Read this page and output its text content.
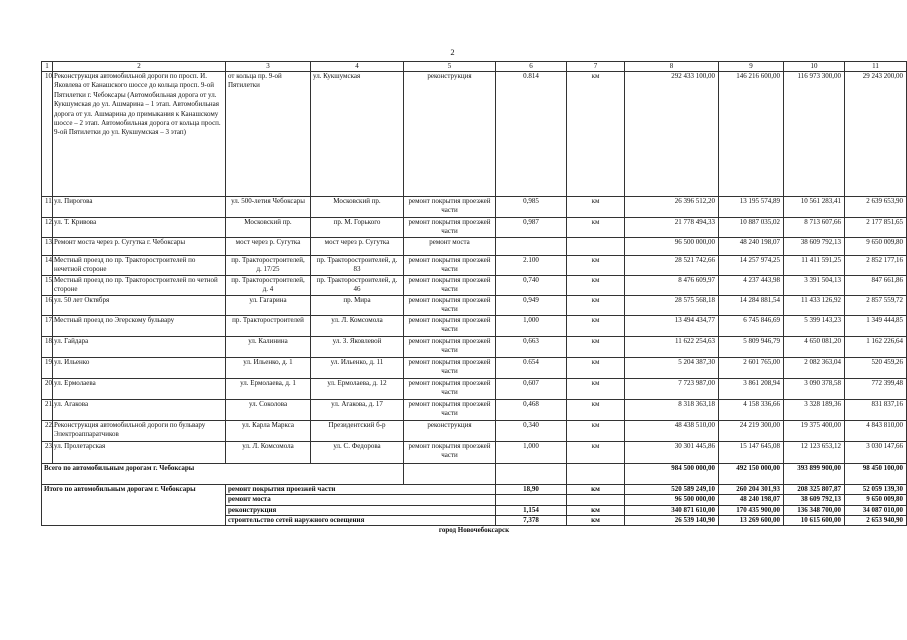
2
1	2	3	4	5	6	7	8	9	10	11
10.	Реконструкция автомобильной дороги по просп. И. Яковлева от Канашского шоссе до кольца просп. 9-ой Пятилетки г. Чебоксары (Автомобильная дорога от ул. Кукшумская до ул. Ашмарина – 1 этап. Автомобильная дорога от ул. Ашмарина до примыкания к Канашскому шоссе – 2 этап. Автомобильная дорога от кольца просп. 9-ой Пятилетки до ул. Кукшумская – 3 этап)	от кольца пр. 9-ой Пятилетки	ул. Кукшумская	реконструкция	0.814	км	292 433 100,00	146 216 600,00	116 973 300,00	29 243 200,00
11.	ул. Пирогова	ул. 500-летия Чебоксары	Московский пр.	ремонт покрытия проезжей части	0,985	км	26 396 512,20	13 195 574,89	10 561 283,41	2 639 653,90
12.	ул. Т. Кривова	Московский пр.	пр. М. Горького	ремонт покрытия проезжей части	0,987	км	21 778 494,33	10 887 035,02	8 713 607,66	2 177 851,65
13.	Ремонт моста через р. Сугутка г. Чебоксары	мост через р. Сугутка	мост через р. Сугутка	ремонт моста			96 500 000,00	48 240 198,07	38 609 792,13	9 650 009,80
14.	Местный проезд по пр. Тракторостроителей по нечетной стороне	пр. Тракторостроителей, д. 17/25	пр. Тракторостроителей, д. 83	ремонт покрытия проезжей части	2.100	км	28 521 742,66	14 257 974,25	11 411 591,25	2 852 177,16
15.	Местный проезд по пр. Тракторостроителей по четной стороне	пр. Тракторостроителей, д. 4	пр. Тракторостроителей, д. 46	ремонт покрытия проезжей части	0,740	км	8 476 609,97	4 237 443,98	3 391 504,13	847 661,86
16.	ул. 50 лет Октября	ул. Гагарина	пр. Мира	ремонт покрытия проезжей части	0,949	км	28 575 568,18	14 284 881,54	11 433 126,92	2 857 559,72
17.	Местный проезд по Эгерскому бульвару	пр. Тракторостроителей	ул. Л. Комсомола	ремонт покрытия проезжей части	1,000	км	13 494 434,77	6 745 846,69	5 399 143,23	1 349 444,85
18.	ул. Гайдара	ул. Калинина	ул. З. Яковлевой	ремонт покрытия проезжей части	0,663	км	11 622 254,63	5 809 946,79	4 650 081,20	1 162 226,64
19.	ул. Ильенко	ул. Ильенко, д. 1	ул. Ильенко, д. 11	ремонт покрытия проезжей части	0.654	км	5 204 387,30	2 601 765,00	2 082 363,04	520 459,26
20.	ул. Ермолаева	ул. Ермолаева, д. 1	ул. Ермолаева, д. 12	ремонт покрытия проезжей части	0,607	км	7 723 987,00	3 861 208,94	3 090 378,58	772 399,48
21.	ул. Агакова	ул. Соколова	ул. Агакова, д. 17	ремонт покрытия проезжей части	0,468	км	8 318 363,18	4 158 336,66	3 328 189,36	831 837,16
22.	Реконструкция автомобильной дороги по бульвару Электроаппаратчиков	ул. Карла Маркса	Президентский б-р	реконструкция	0,340	км	48 438 510,00	24 219 300,00	19 375 400,00	4 843 810,00
23.	ул. Пролетарская	ул. Л. Комсомола	ул. С. Федорова	ремонт покрытия проезжей части	1,000	км	30 301 445,86	15 147 645,08	12 123 653,12	3 030 147,66
Всего по автомобильным дорогам г. Чебоксары							984 500 000,00	492 150 000,00	393 899 900,00	98 450 100,00
Итого по автомобильным дорогам г. Чебоксары		ремонт покрытия проезжей части			18,90	км	520 589 249,10	260 204 301,93	208 325 807,87	52 059 139,30
		ремонт моста					96 500 000,00	48 240 198,07	38 609 792,13	9 650 009,80
		реконструкция			1,154	км	340 871 610,00	170 435 900,00	136 348 700,00	34 087 010,00
		строительство сетей наружного освещения			7,378	км	26 539 140,90	13 269 600,00	10 615 600,00	2 653 940,90
город Новочебоксарск										
